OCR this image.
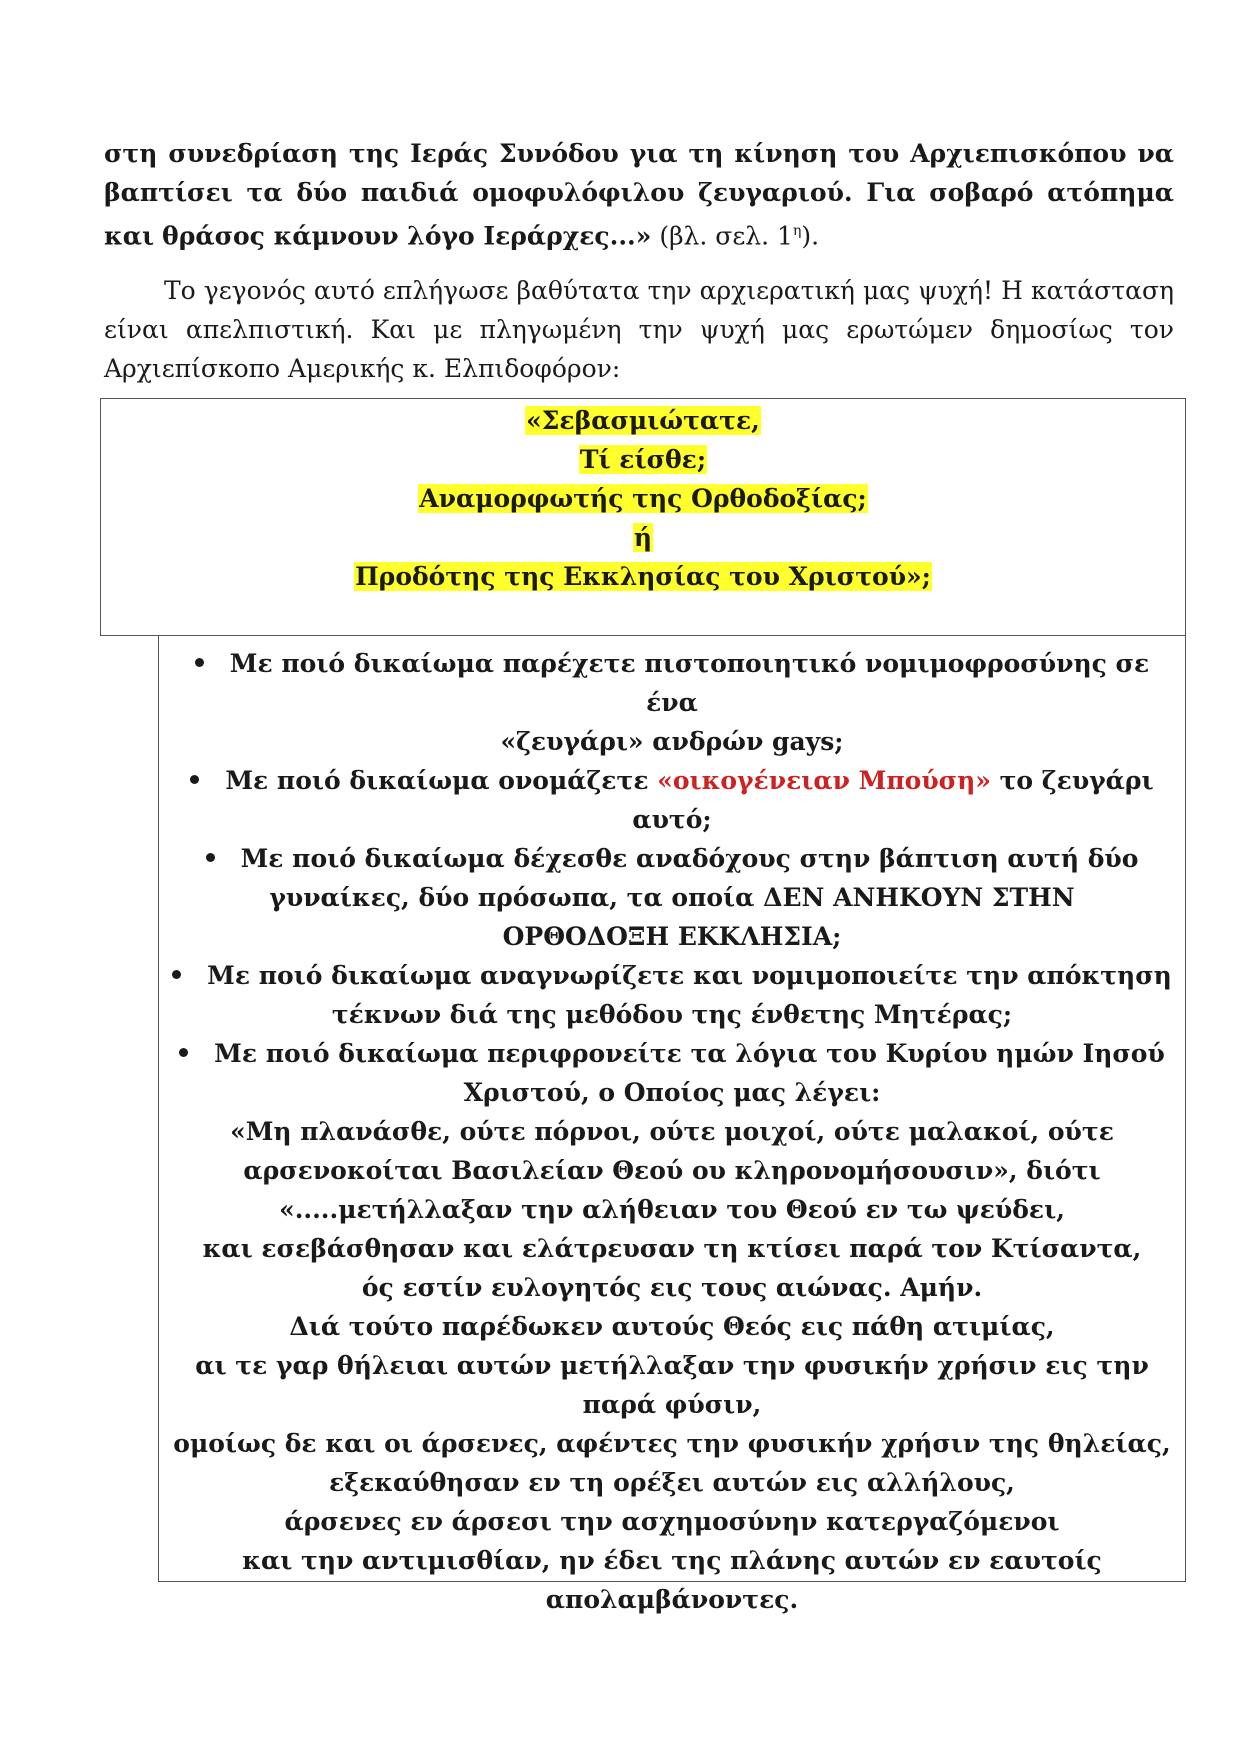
στη συνεδρίαση της Ιεράς Συνόδου για τη κίνηση του Αρχιεπισκόπου να βαπτίσει τα δύο παιδιά ομοφυλόφιλου ζευγαριού. Για σοβαρό ατόπημα και θράσος κάμνουν λόγο Ιεράρχες...» (βλ. σελ. $1^\eta$).

Το γεγονός αυτό επλήγωσε βαθύτατα την αρχιερατική μας ψυχή! Η κατάσταση είναι απελπιστική. Και με πληγωμένη την ψυχή μας ερωτώμεν δημοσίως τον Αρχιεπίσκοπο Αμερικής κ. Ελπιδοφόρον:

«Σεβασμιώτατε,
Τί είσθε;
Αναμορφωτής της Ορθοδοξίας;
ή
Προδότης της Εκκλησίας του Χριστού»;
Με ποιό δικαίωμα παρέχετε πιστοποιητικό νομιμοφροσύνης σε ένα
«ζευγάρι» ανδρών gays;
Με ποιό δικαίωμα ονομάζετε «οικογένειαν Μπούση» το ζευγάρι
αυτό;
Με ποιό δικαίωμα δέχεσθε αναδόχους στην βάπτιση αυτή δύο
γυναίκες, δύο πρόσωπα, τα οποία ΔΕΝ ΑΝΗΚΟΥΝ ΣΤΗΝ
ΟΡΘΟΔΟΞΗ ΕΚΚΛΗΣΙΑ;
Με ποιό δικαίωμα αναγνωρίζετε και νομιμοποιείτε την απόκτηση
τέκνων διά της μεθόδου της ένθετης Μητέρας;
Με ποιό δικαίωμα περιφρονείτε τα λόγια του Κυρίου ημών Ιησού
Χριστού, ο Οποίος μας λέγει:
«Μη πλανάσθε, ούτε πόρνοι, ούτε μοιχοί, ούτε μαλακοί, ούτε
αρσενοκοίται Βασιλείαν Θεού ου κληρονομήσουσιν», διότι
«.....μετήλλαξαν την αλήθειαν του Θεού εν τω ψεύδει,
και εσεβάσθησαν και ελάτρευσαν τη κτίσει παρά τον Κτίσαντα,
ός εστίν ευλογητός εις τους αιώνας. Αμήν.
Διά τούτο παρέδωκεν αυτούς Θεός εις πάθη ατιμίας,
αι τε γαρ θήλειαι αυτών μετήλλαξαν την φυσικήν χρήσιν εις την
παρά φύσιν,
ομοίως δε και οι άρσενες, αφέντες την φυσικήν χρήσιν της θηλείας,
εξεκαύθησαν εν τη ορέξει αυτών εις αλλήλους,
άρσενες εν άρσεσι την ασχημοσύνην κατεργαζόμενοι
και την αντιμισθίαν, ην έδει της πλάνης αυτών εν εαυτοίς
απολαμβάνοντες.
